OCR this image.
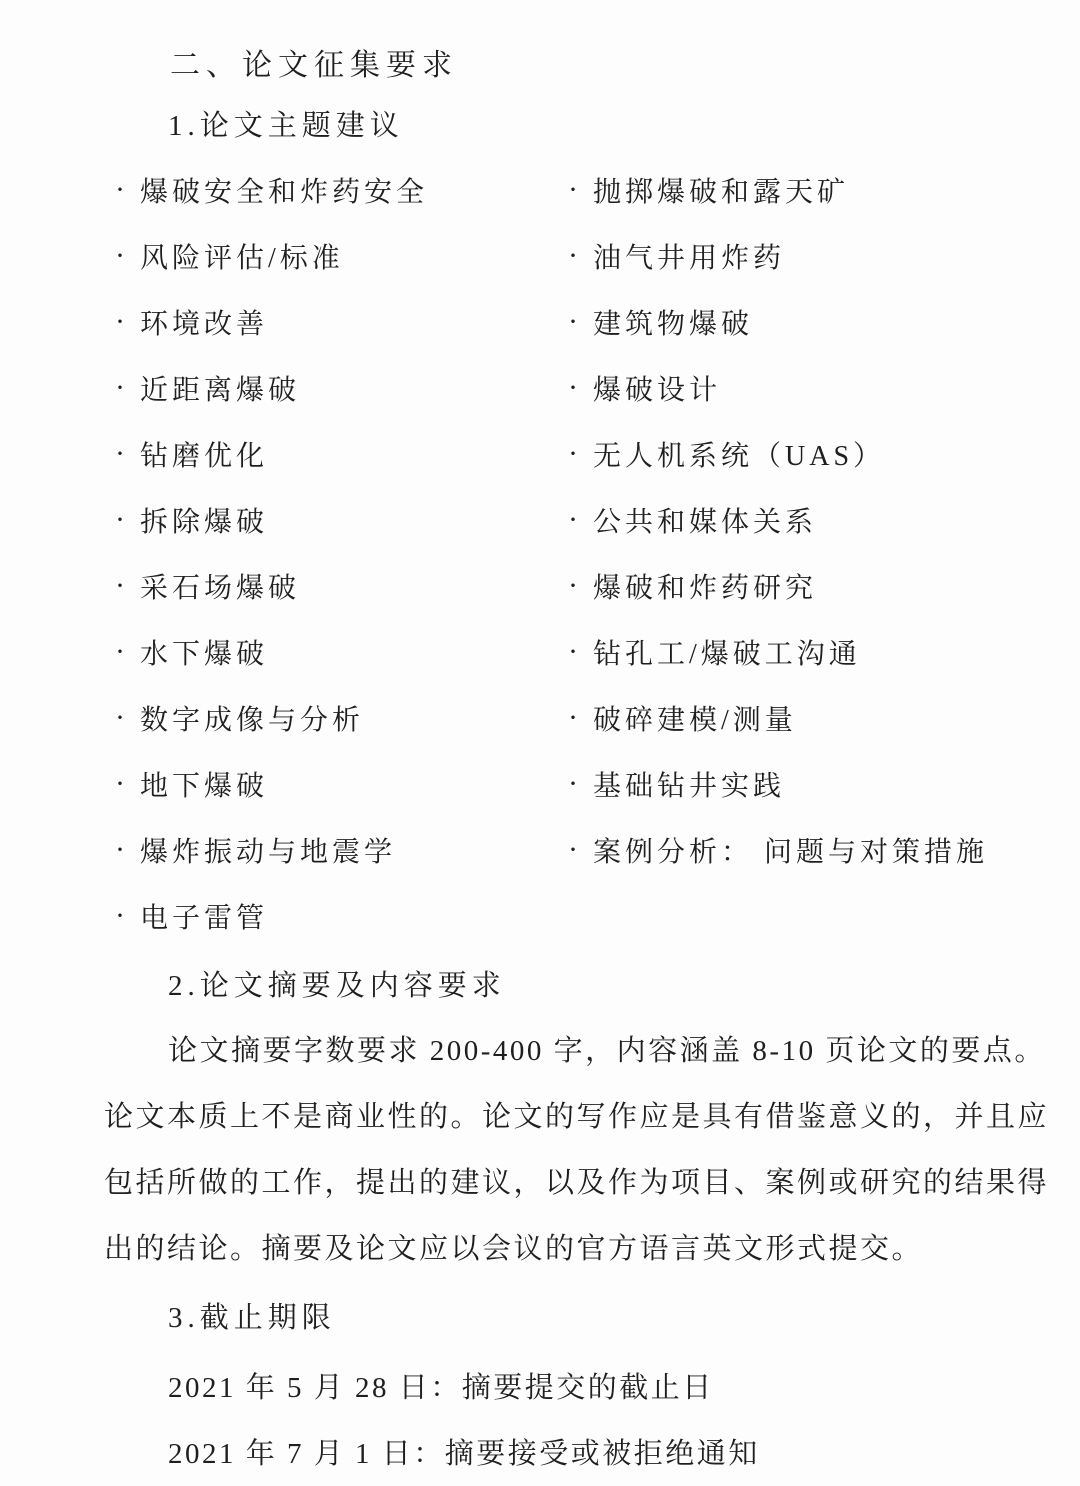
二、论文征集要求
1.论文主题建议
· 爆破安全和炸药安全
· 风险评估/标准
· 环境改善
· 近距离爆破
· 钻磨优化
· 拆除爆破
· 采石场爆破
· 水下爆破
· 数字成像与分析
· 地下爆破
· 爆炸振动与地震学
· 电子雷管
· 抛掷爆破和露天矿
· 油气井用炸药
· 建筑物爆破
· 爆破设计
· 无人机系统（UAS）
· 公共和媒体关系
· 爆破和炸药研究
· 钻孔工/爆破工沟通
· 破碎建模/测量
· 基础钻井实践
· 案例分析： 问题与对策措施
2.论文摘要及内容要求
论文摘要字数要求 200-400 字，内容涵盖 8-10 页论文的要点。
论文本质上不是商业性的。论文的写作应是具有借鉴意义的，并且应
包括所做的工作，提出的建议，以及作为项目、案例或研究的结果得
出的结论。摘要及论文应以会议的官方语言英文形式提交。
3.截止期限
2021 年 5 月 28 日：摘要提交的截止日
2021 年 7 月 1 日：摘要接受或被拒绝通知
